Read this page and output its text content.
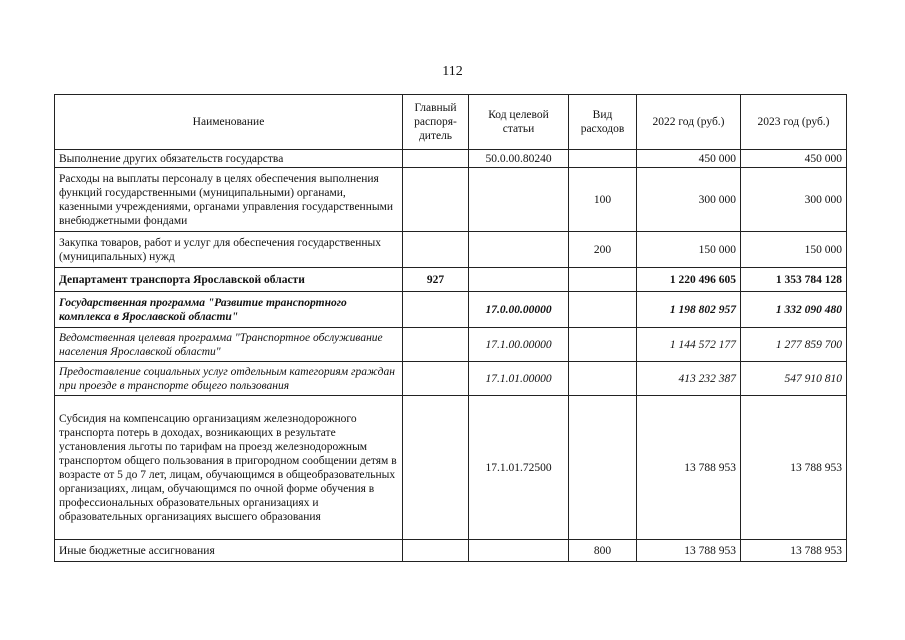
112
Наименование	Главный распоря-дитель	Код целевой статьи	Вид расходов	2022 год (руб.)	2023 год (руб.)
Выполнение других обязательств государства		50.0.00.80240		450 000	450 000
Расходы на выплаты персоналу в целях обеспечения выполнения функций государственными (муниципальными) органами, казенными учреждениями, органами управления государственными внебюджетными фондами			100	300 000	300 000
Закупка товаров, работ и услуг для обеспечения государственных (муниципальных) нужд			200	150 000	150 000
Департамент транспорта Ярославской области	927			1 220 496 605	1 353 784 128
Государственная программа "Развитие транспортного комплекса в Ярославской области"		17.0.00.00000		1 198 802 957	1 332 090 480
Ведомственная целевая программа "Транспортное обслуживание населения Ярославской области"		17.1.00.00000		1 144 572 177	1 277 859 700
Предоставление социальных услуг отдельным категориям граждан при проезде в транспорте общего пользования		17.1.01.00000		413 232 387	547 910 810
Субсидия на компенсацию организациям железнодорожного транспорта потерь в доходах, возникающих в результате установления льготы по тарифам на проезд железнодорожным транспортом общего пользования в пригородном сообщении детям в возрасте от 5 до 7 лет, лицам, обучающимся в общеобразовательных организациях, лицам, обучающимся по очной форме обучения в профессиональных образовательных организациях и образовательных организациях высшего образования		17.1.01.72500		13 788 953	13 788 953
Иные бюджетные ассигнования			800	13 788 953	13 788 953
